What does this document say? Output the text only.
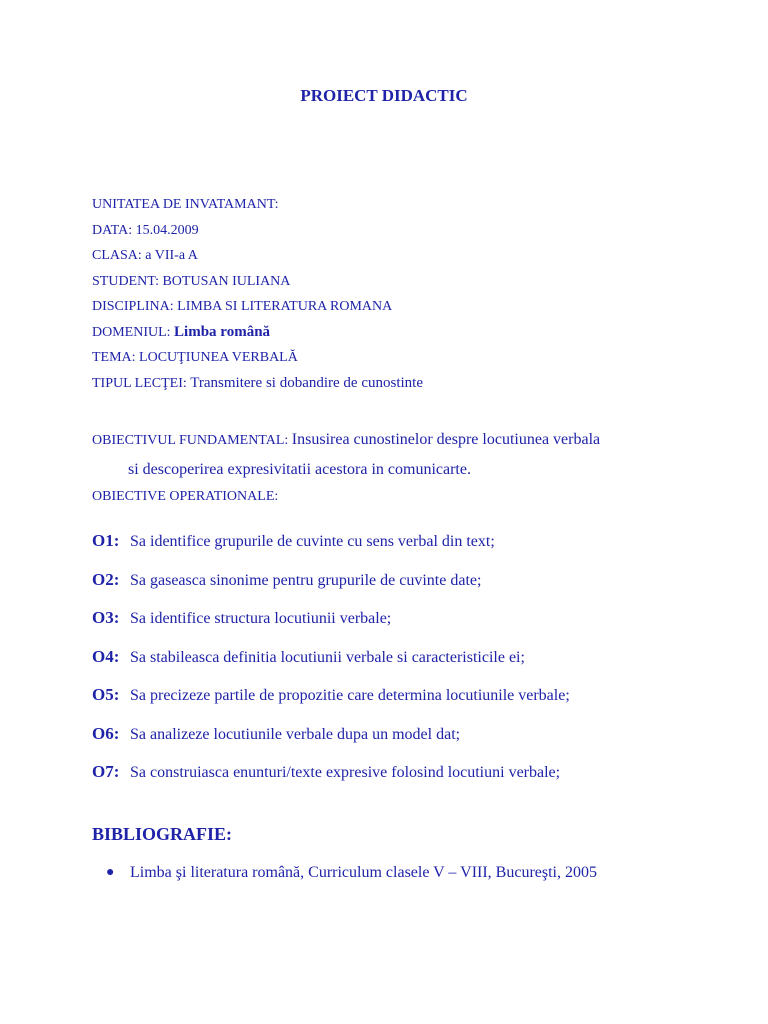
PROIECT DIDACTIC
UNITATEA DE INVATAMANT:
DATA: 15.04.2009
CLASA: a VII-a A
STUDENT: BOTUSAN IULIANA
DISCIPLINA: LIMBA SI LITERATURA ROMANA
DOMENIUL: Limba română
TEMA: LOCUŢIUNEA VERBALĂ
TIPUL LECŢEI: Transmitere si dobandire de cunostinte
OBIECTIVUL FUNDAMENTAL: Insusirea cunostinelor despre locutiunea verbala
si descoperirea expresivitatii acestora in comunicarte.
OBIECTIVE OPERATIONALE:
O1: Sa identifice grupurile de cuvinte cu sens verbal din text;
O2: Sa gaseasca sinonime pentru grupurile de cuvinte date;
O3: Sa identifice structura locutiunii verbale;
O4: Sa stabileasca definitia locutiunii verbale si caracteristicile ei;
O5: Sa precizeze partile de propozitie care determina locutiunile verbale;
O6: Sa analizeze locutiunile verbale dupa un model dat;
O7: Sa construiasca enunturi/texte expresive folosind locutiuni verbale;
BIBLIOGRAFIE:
● Limba şi literatura română, Curriculum clasele V – VIII, Bucureşti, 2005
